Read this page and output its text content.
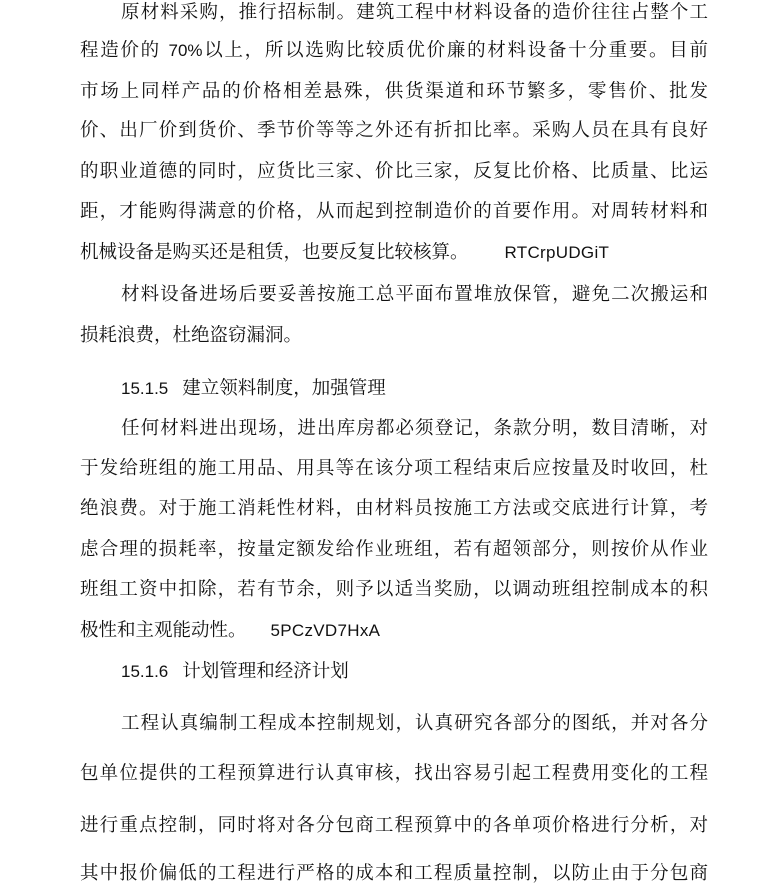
原材料采购，推行招标制。建筑工程中材料设备的造价往往占整个工
程造价的 70%以上，所以选购比较质优价廉的材料设备十分重要。目前
市场上同样产品的价格相差悬殊，供货渠道和环节繁多，零售价、批发
价、出厂价到货价、季节价等等之外还有折扣比率。采购人员在具有良好
的职业道德的同时，应货比三家、价比三家，反复比价格、比质量、比运
距，才能购得满意的价格，从而起到控制造价的首要作用。对周转材料和
机械设备是购买还是租赁，也要反复比较核算。 RTCrpUDGiT
材料设备进场后要妥善按施工总平面布置堆放保管，避免二次搬运和
损耗浪费，杜绝盗窃漏洞。
15.1.5 建立领料制度，加强管理
任何材料进出现场，进出库房都必须登记，条款分明，数目清晰，对
于发给班组的施工用品、用具等在该分项工程结束后应按量及时收回，杜
绝浪费。对于施工消耗性材料，由材料员按施工方法或交底进行计算，考
虑合理的损耗率，按量定额发给作业班组，若有超领部分，则按价从作业
班组工资中扣除，若有节余，则予以适当奖励，以调动班组控制成本的积
极性和主观能动性。 5PCzVD7HxA
15.1.6 计划管理和经济计划
工程认真编制工程成本控制规划，认真研究各部分的图纸，并对各分
包单位提供的工程预算进行认真审核，找出容易引起工程费用变化的工程
进行重点控制，同时将对各分包商工程预算中的各单项价格进行分析，对
其中报价偏低的工程进行严格的成本和工程质量控制，以防止由于分包商
